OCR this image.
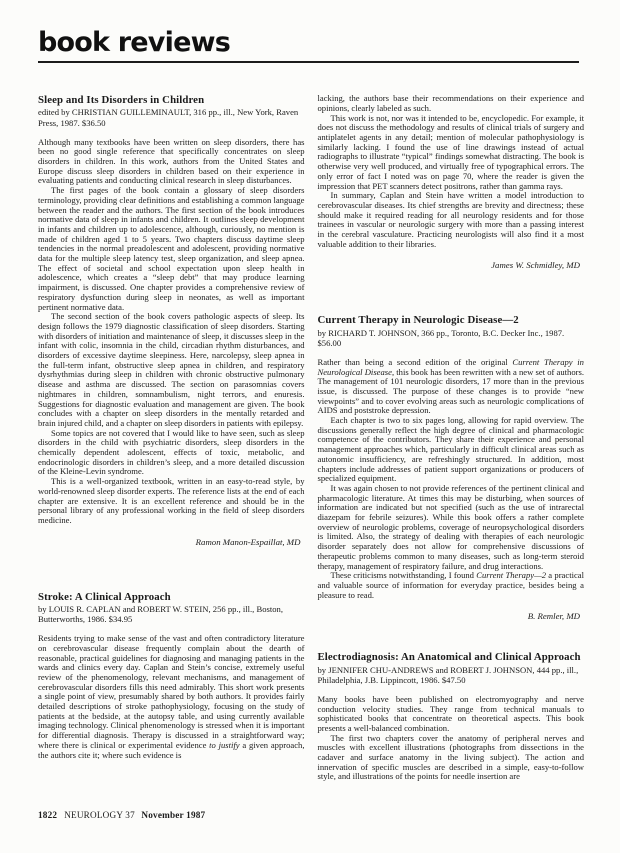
book reviews
Sleep and Its Disorders in Children

edited by CHRISTIAN GUILLEMINAULT, 316 pp., ill., New York, Raven Press, 1987. $36.50

Although many textbooks have been written on sleep disorders, there has been no good single reference that specifically concentrates on sleep disorders in children. In this work, authors from the United States and Europe discuss sleep disorders in children based on their experience in evaluating patients and conducting clinical research in sleep disturbances.

The first pages of the book contain a glossary of sleep disorders terminology, providing clear definitions and establishing a common language between the reader and the authors. The first section of the book introduces normative data of sleep in infants and children. It outlines sleep development in infants and children up to adolescence, although, curiously, no mention is made of children aged 1 to 5 years. Two chapters discuss daytime sleep tendencies in the normal preadolescent and adolescent, providing normative data for the multiple sleep latency test, sleep organization, and sleep apnea. The effect of societal and school expectation upon sleep health in adolescence, which creates a “sleep debt” that may produce learning impairment, is discussed. One chapter provides a comprehensive review of respiratory dysfunction during sleep in neonates, as well as important pertinent normative data.

The second section of the book covers pathologic aspects of sleep. Its design follows the 1979 diagnostic classification of sleep disorders. Starting with disorders of initiation and maintenance of sleep, it discusses sleep in the infant with colic, insomnia in the child, circadian rhythm disturbances, and disorders of excessive daytime sleepiness. Here, narcolepsy, sleep apnea in the full-term infant, obstructive sleep apnea in children, and respiratory dysrhythmias during sleep in children with chronic obstructive pulmonary disease and asthma are discussed. The section on parasomnias covers nightmares in children, somnambulism, night terrors, and enuresis. Suggestions for diagnostic evaluation and management are given. The book concludes with a chapter on sleep disorders in the mentally retarded and brain injured child, and a chapter on sleep disorders in patients with epilepsy.

Some topics are not covered that I would like to have seen, such as sleep disorders in the child with psychiatric disorders, sleep disorders in the chemically dependent adolescent, effects of toxic, metabolic, and endocrinologic disorders in children’s sleep, and a more detailed discussion of the Kleine-Levin syndrome.

This is a well-organized textbook, written in an easy-to-read style, by world-renowned sleep disorder experts. The reference lists at the end of each chapter are extensive. It is an excellent reference and should be in the personal library of any professional working in the field of sleep disorders medicine.

Ramon Manon-Espaillat, MD

Stroke: A Clinical Approach

by LOUIS R. CAPLAN and ROBERT W. STEIN, 256 pp., ill., Boston, Butterworths, 1986. $34.95

Residents trying to make sense of the vast and often contradictory literature on cerebrovascular disease frequently complain about the dearth of reasonable, practical guidelines for diagnosing and managing patients in the wards and clinics every day. Caplan and Stein’s concise, extremely useful review of the phenomenology, relevant mechanisms, and management of cerebrovascular disorders fills this need admirably. This short work presents a single point of view, presumably shared by both authors. It provides fairly detailed descriptions of stroke pathophysiology, focusing on the study of patients at the bedside, at the autopsy table, and using currently available imaging technology. Clinical phenomenology is stressed when it is important for differential diagnosis. Therapy is discussed in a straightforward way; where there is clinical or experimental evidence to justify a given approach, the authors cite it; where such evidence is

lacking, the authors base their recommendations on their experience and opinions, clearly labeled as such.

This work is not, nor was it intended to be, encyclopedic. For example, it does not discuss the methodology and results of clinical trials of surgery and antiplatelet agents in any detail; mention of molecular pathophysiology is similarly lacking. I found the use of line drawings instead of actual radiographs to illustrate “typical” findings somewhat distracting. The book is otherwise very well produced, and virtually free of typographical errors. The only error of fact I noted was on page 70, where the reader is given the impression that PET scanners detect positrons, rather than gamma rays.

In summary, Caplan and Stein have written a model introduction to cerebrovascular diseases. Its chief strengths are brevity and directness; these should make it required reading for all neurology residents and for those trainees in vascular or neurologic surgery with more than a passing interest in the cerebral vasculature. Practicing neurologists will also find it a most valuable addition to their libraries.

James W. Schmidley, MD

Current Therapy in Neurologic Disease—2

by RICHARD T. JOHNSON, 366 pp., Toronto, B.C. Decker Inc., 1987. $56.00

Rather than being a second edition of the original Current Therapy in Neurological Disease, this book has been rewritten with a new set of authors. The management of 101 neurologic disorders, 17 more than in the previous issue, is discussed. The purpose of these changes is to provide “new viewpoints” and to cover evolving areas such as neurologic complications of AIDS and poststroke depression.

Each chapter is two to six pages long, allowing for rapid overview. The discussions generally reflect the high degree of clinical and pharmacologic competence of the contributors. They share their experience and personal management approaches which, particularly in difficult clinical areas such as autonomic insufficiency, are refreshingly structured. In addition, most chapters include addresses of patient support organizations or producers of specialized equipment.

It was again chosen to not provide references of the pertinent clinical and pharmacologic literature. At times this may be disturbing, when sources of information are indicated but not specified (such as the use of intrarectal diazepam for febrile seizures). While this book offers a rather complete overview of neurologic problems, coverage of neuropsychological disorders is limited. Also, the strategy of dealing with therapies of each neurologic disorder separately does not allow for comprehensive discussions of therapeutic problems common to many diseases, such as long-term steroid therapy, management of respiratory failure, and drug interactions.

These criticisms notwithstanding, I found Current Therapy—2 a practical and valuable source of information for everyday practice, besides being a pleasure to read.

B. Remler, MD

Electrodiagnosis: An Anatomical and Clinical Approach

by JENNIFER CHU-ANDREWS and ROBERT J. JOHNSON, 444 pp., ill., Philadelphia, J.B. Lippincott, 1986. $47.50

Many books have been published on electromyography and nerve conduction velocity studies. They range from technical manuals to sophisticated books that concentrate on theoretical aspects. This book presents a well-balanced combination.

The first two chapters cover the anatomy of peripheral nerves and muscles with excellent illustrations (photographs from dissections in the cadaver and surface anatomy in the living subject). The action and innervation of specific muscles are described in a simple, easy-to-follow style, and illustrations of the points for needle insertion are

1822 NEUROLOGY 37 November 1987
